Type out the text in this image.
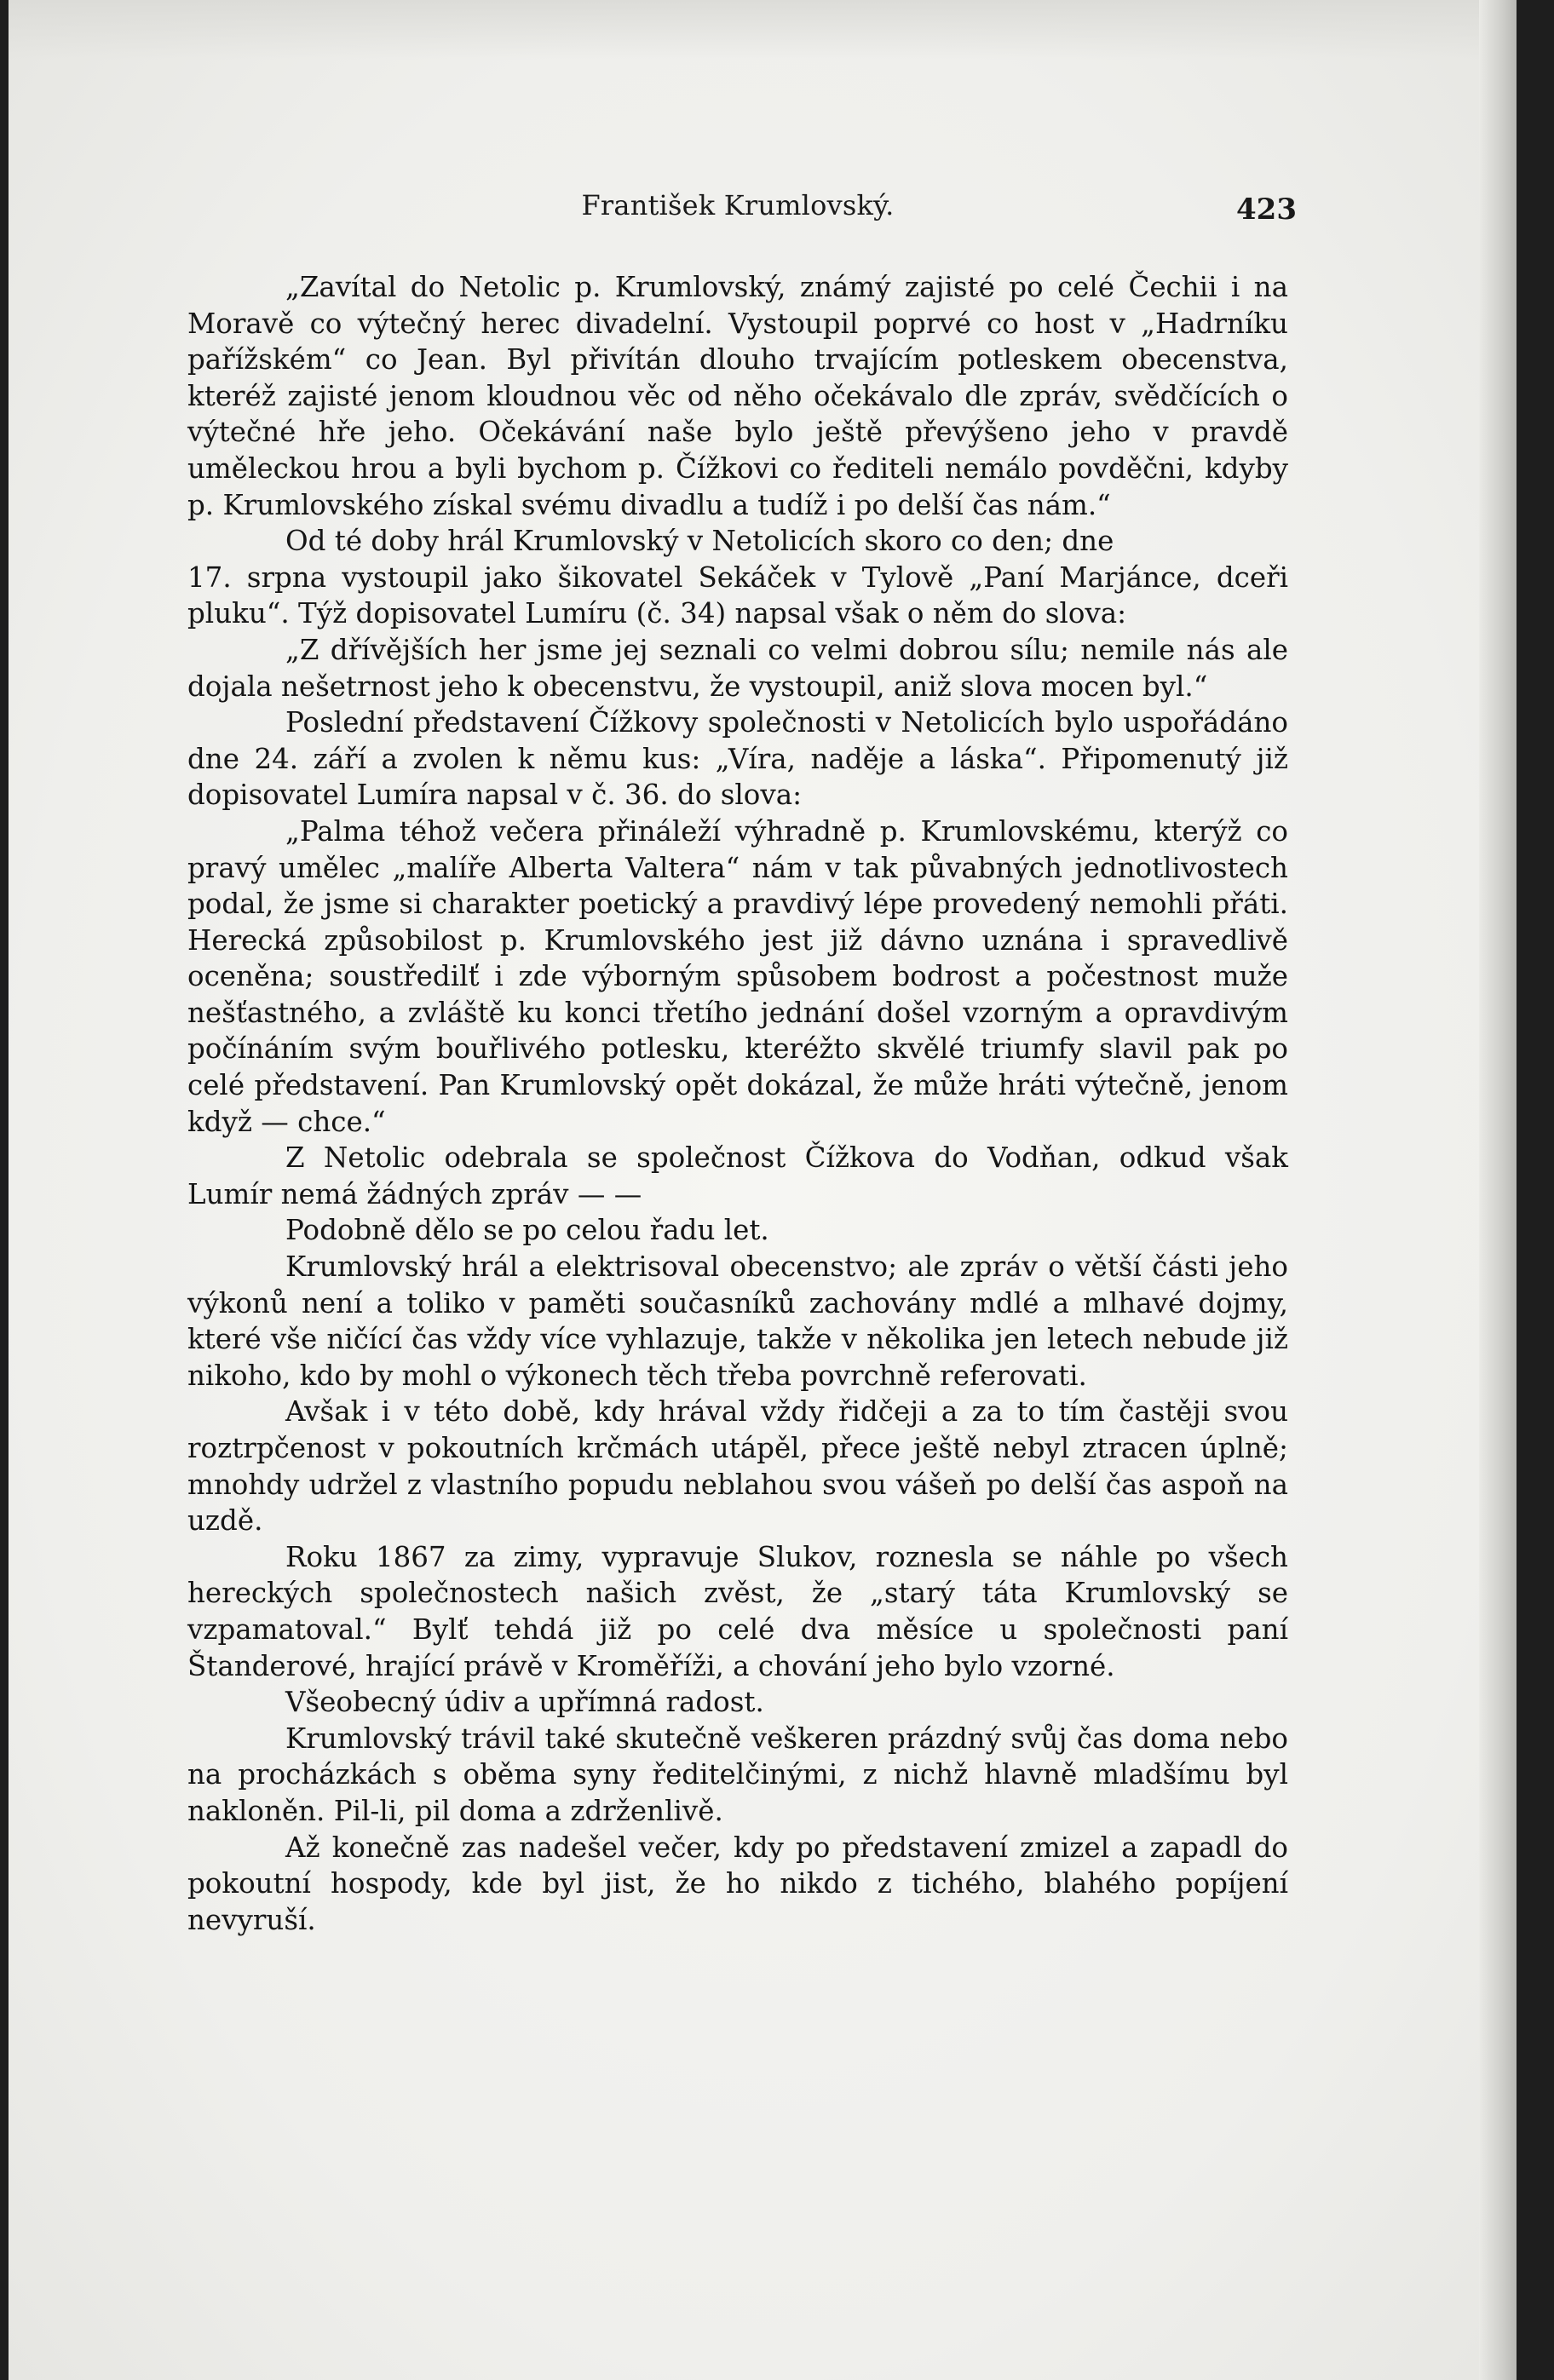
František Krumlovský.	423

„Zavítal do Netolic p. Krumlovský, známý zajisté po celé Čechii i na Moravě co výtečný herec divadelní. Vystoupil poprvé co host v „Hadrníku pařížském“ co Jean. Byl přivítán dlouho trvajícím potleskem obecenstva, kteréž zajisté jenom kloudnou věc od něho očekávalo dle zpráv, svědčících o výtečné hře jeho. Očekávání naše bylo ještě převýšeno jeho v pravdě uměleckou hrou a byli bychom p. Čížkovi co řediteli nemálo povděčni, kdyby p. Krumlovského získal svému divadlu a tudíž i po delší čas nám.“

Od té doby hrál Krumlovský v Netolicích skoro co den; dne

17. srpna vystoupil jako šikovatel Sekáček v Tylově „Paní Marjánce, dceři pluku“. Týž dopisovatel Lumíru (č. 34) napsal však o něm do slova:

„Z dřívějších her jsme jej seznali co velmi dobrou sílu; nemile nás ale dojala nešetrnost jeho k obecenstvu, že vystoupil, aniž slova mocen byl.“

Poslední představení Čížkovy společnosti v Netolicích bylo uspořádáno dne 24. září a zvolen k němu kus: „Víra, naděje a láska“. Připomenutý již dopisovatel Lumíra napsal v č. 36. do slova:

„Palma téhož večera přináleží výhradně p. Krumlovskému, kterýž co pravý umělec „malíře Alberta Valtera“ nám v tak půvabných jednotlivostech podal, že jsme si charakter poetický a pravdivý lépe provedený nemohli přáti. Herecká způsobilost p. Krumlovského jest již dávno uznána i spravedlivě oceněna; soustředilť i zde výborným spůsobem bodrost a počestnost muže nešťastného, a zvláště ku konci třetího jednání došel vzorným a opravdivým počínáním svým bouřlivého potlesku, kteréžto skvělé triumfy slavil pak po celé představení. Pan Krumlovský opět dokázal, že může hráti výtečně, jenom když — chce.“

Z Netolic odebrala se společnost Čížkova do Vodňan, odkud však Lumír nemá žádných zpráv — —

Podobně dělo se po celou řadu let.

Krumlovský hrál a elektrisoval obecenstvo; ale zpráv o větší části jeho výkonů není a toliko v paměti současníků zachovány mdlé a mlhavé dojmy, které vše ničící čas vždy více vyhlazuje, takže v několika jen letech nebude již nikoho, kdo by mohl o výkonech těch třeba povrchně referovati.

Avšak i v této době, kdy hrával vždy řidčeji a za to tím častěji svou roztrpčenost v pokoutních krčmách utápěl, přece ještě nebyl ztracen úplně; mnohdy udržel z vlastního popudu neblahou svou vášeň po delší čas aspoň na uzdě.

Roku 1867 za zimy, vypravuje Slukov, roznesla se náhle po všech hereckých společnostech našich zvěst, že „starý táta Krumlovský se vzpamatoval.“ Bylť tehdá již po celé dva měsíce u společnosti paní Štanderové, hrající právě v Kroměříži, a chování jeho bylo vzorné.

Všeobecný údiv a upřímná radost.

Krumlovský trávil také skutečně veškeren prázdný svůj čas doma nebo na procházkách s oběma syny ředitelčinými, z nichž hlavně mladšímu byl nakloněn. Pil-li, pil doma a zdrženlivě.

Až konečně zas nadešel večer, kdy po představení zmizel a zapadl do pokoutní hospody, kde byl jist, že ho nikdo z tichého, blahého popíjení nevyruší.
